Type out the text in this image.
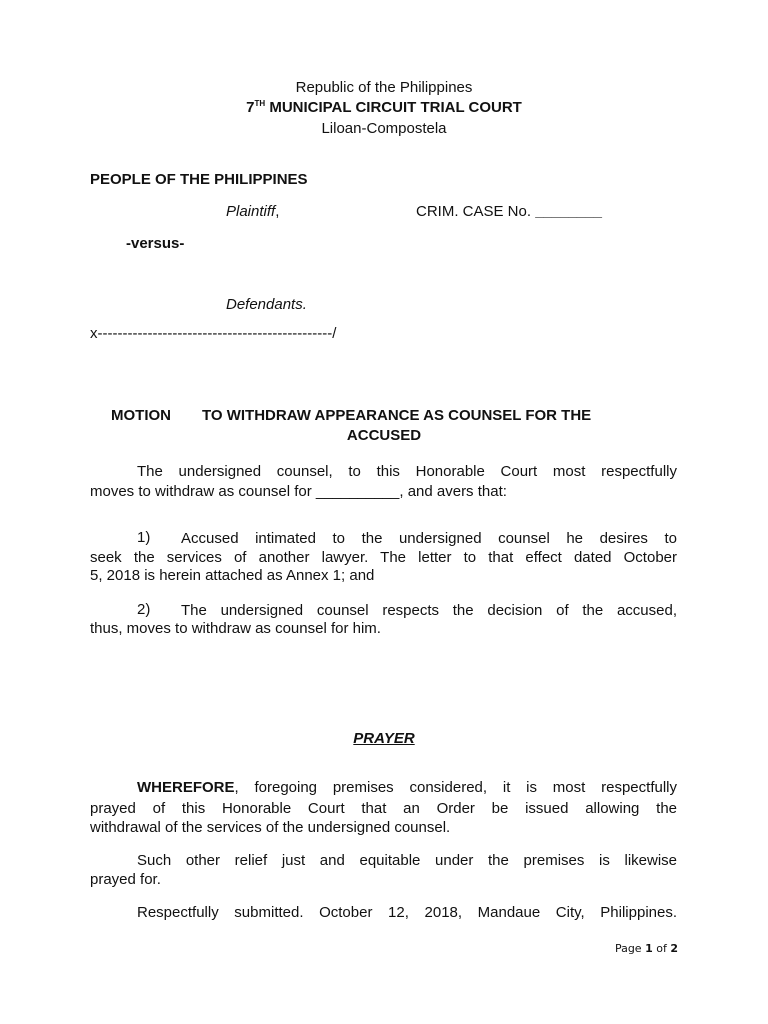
Republic of the Philippines
7TH MUNICIPAL CIRCUIT TRIAL COURT
Liloan-Compostela
PEOPLE OF THE PHILIPPINES
Plaintiff,	CRIM. CASE No. ________
-versus-
Defendants.
x-----------------------------------------------/
MOTION TO WITHDRAW APPEARANCE AS COUNSEL FOR THE
ACCUSED
The undersigned counsel, to this Honorable Court most respectfully
moves to withdraw as counsel for __________, and avers that:
1) Accused intimated to the undersigned counsel he desires to
seek the services of another lawyer. The letter to that effect dated October
5, 2018 is herein attached as Annex 1; and
2) The undersigned counsel respects the decision of the accused,
thus, moves to withdraw as counsel for him.
PRAYER
WHEREFORE, foregoing premises considered, it is most respectfully
prayed of this Honorable Court that an Order be issued allowing the
withdrawal of the services of the undersigned counsel.
Such other relief just and equitable under the premises is likewise
prayed for.
Respectfully submitted. October 12, 2018, Mandaue City, Philippines.
Page 1 of 2
